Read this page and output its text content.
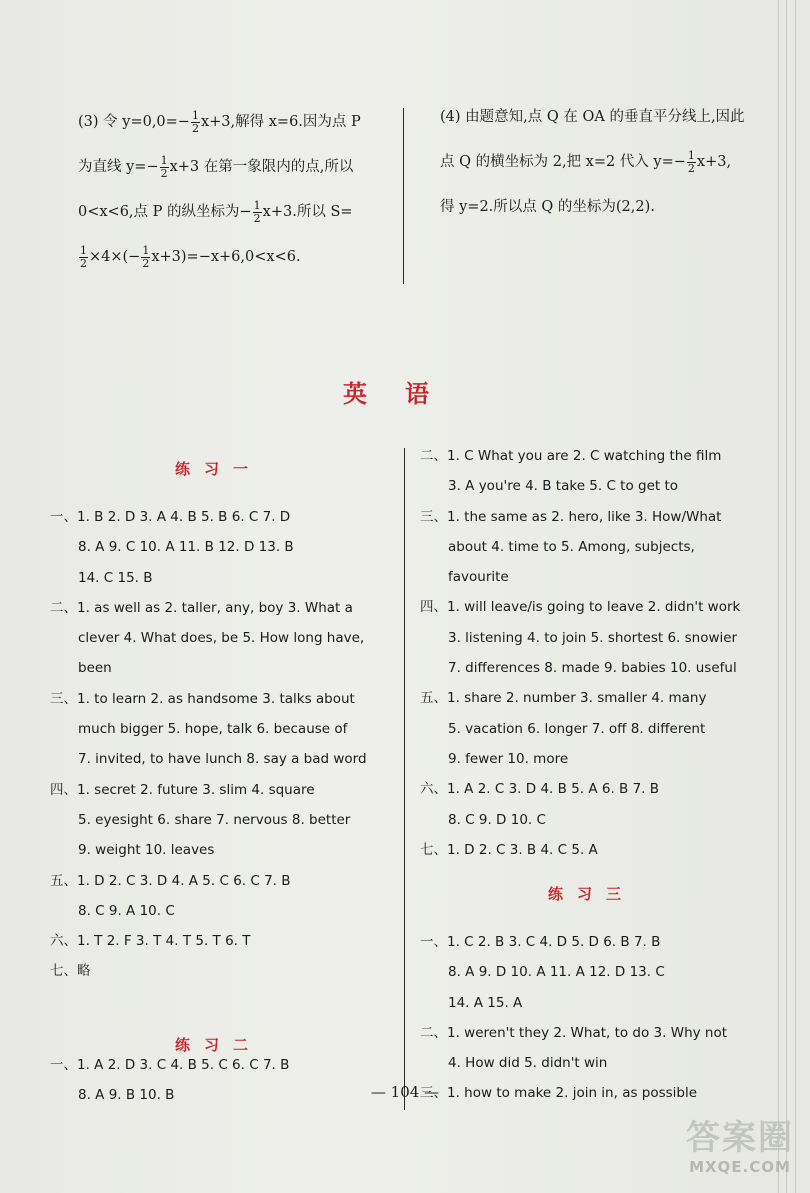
(3) 令 $y=0,0=- \frac{1}{2} x+3$,解得 x=6.因为点 P

为直线 $y=- \frac{1}{2} x+3$ 在第一象限内的点,所以

0<x<6,点 P 的纵坐标为− $\frac{1}{2} x+3$.所以 S=

$\frac{1}{2} \times 4\times(- \frac{1}{2} x+3)=-x+6,0<x<6$.

(4) 由题意知,点 Q 在 OA 的垂直平分线上,因此

点 Q 的横坐标为 2,把 x=2 代入 $y=- \frac{1}{2} x+3$,

得 y=2.所以点 Q 的坐标为(2,2).

英语
练习一

一、1. B 2. D 3. A 4. B 5. B 6. C 7. D

8. A 9. C 10. A 11. B 12. D 13. B

14. C 15. B

二、1. as well as 2. taller, any, boy 3. What a

clever 4. What does, be 5. How long have,

been

三、1. to learn 2. as handsome 3. talks about

much bigger 5. hope, talk 6. because of

7. invited, to have lunch 8. say a bad word

四、1. secret 2. future 3. slim 4. square

5. eyesight 6. share 7. nervous 8. better

9. weight 10. leaves

五、1. D 2. C 3. D 4. A 5. C 6. C 7. B

8. C 9. A 10. C

六、1. T 2. F 3. T 4. T 5. T 6. T

七、略

练习二

一、1. A 2. D 3. C 4. B 5. C 6. C 7. B

8. A 9. B 10. B

二、1. C What you are 2. C watching the film

3. A you're 4. B take 5. C to get to

三、1. the same as 2. hero, like 3. How/What

about 4. time to 5. Among, subjects,

favourite

四、1. will leave/is going to leave 2. didn't work

3. listening 4. to join 5. shortest 6. snowier

7. differences 8. made 9. babies 10. useful

五、1. share 2. number 3. smaller 4. many

5. vacation 6. longer 7. off 8. different

9. fewer 10. more

六、1. A 2. C 3. D 4. B 5. A 6. B 7. B

8. C 9. D 10. C

七、1. D 2. C 3. B 4. C 5. A

练习三

一、1. C 2. B 3. C 4. D 5. D 6. B 7. B

8. A 9. D 10. A 11. A 12. D 13. C

14. A 15. A

二、1. weren't they 2. What, to do 3. Why not

4. How did 5. didn't win

三、1. how to make 2. join in, as possible

— 104 —
答案圈
MXQE.COM
